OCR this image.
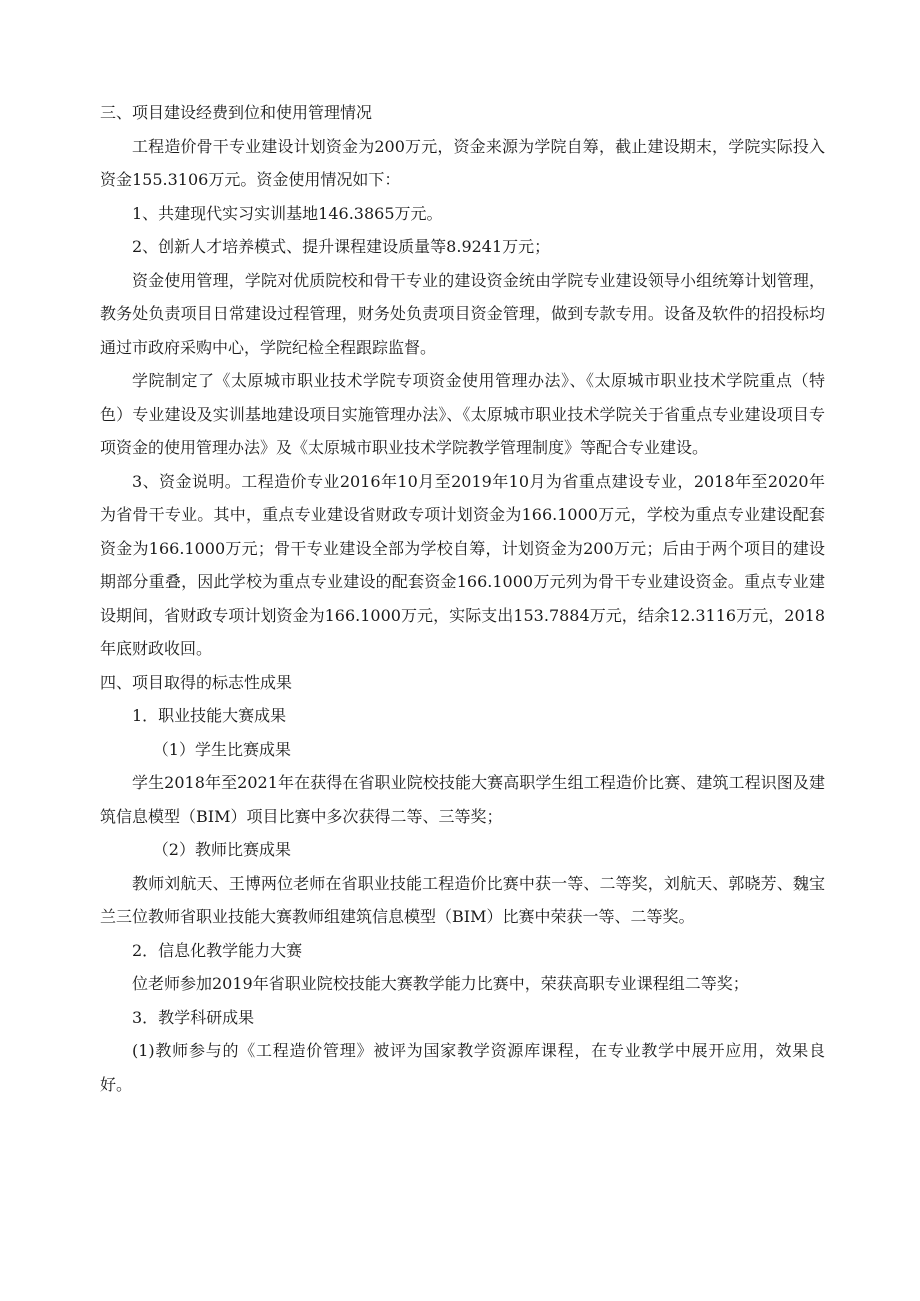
三、项目建设经费到位和使用管理情况

工程造价骨干专业建设计划资金为200万元，资金来源为学院自筹，截止建设期末，学院实际投入资金155.3106万元。资金使用情况如下：

1、共建现代实习实训基地146.3865万元。

2、创新人才培养模式、提升课程建设质量等8.9241万元；

资金使用管理，学院对优质院校和骨干专业的建设资金统由学院专业建设领导小组统筹计划管理，教务处负责项目日常建设过程管理，财务处负责项目资金管理，做到专款专用。设备及软件的招投标均通过市政府采购中心，学院纪检全程跟踪监督。

学院制定了《太原城市职业技术学院专项资金使用管理办法》、《太原城市职业技术学院重点（特色）专业建设及实训基地建设项目实施管理办法》、《太原城市职业技术学院关于省重点专业建设项目专项资金的使用管理办法》及《太原城市职业技术学院教学管理制度》等配合专业建设。

3、资金说明。工程造价专业2016年10月至2019年10月为省重点建设专业，2018年至2020年为省骨干专业。其中，重点专业建设省财政专项计划资金为166.1000万元，学校为重点专业建设配套资金为166.1000万元；骨干专业建设全部为学校自筹，计划资金为200万元；后由于两个项目的建设期部分重叠，因此学校为重点专业建设的配套资金166.1000万元列为骨干专业建设资金。重点专业建设期间，省财政专项计划资金为166.1000万元，实际支出153.7884万元，结余12.3116万元，2018年底财政收回。

四、项目取得的标志性成果

1．职业技能大赛成果

（1）学生比赛成果

学生2018年至2021年在获得在省职业院校技能大赛高职学生组工程造价比赛、建筑工程识图及建筑信息模型（BIM）项目比赛中多次获得二等、三等奖；

（2）教师比赛成果

教师刘航天、王博两位老师在省职业技能工程造价比赛中获一等、二等奖，刘航天、郭晓芳、魏宝兰三位教师省职业技能大赛教师组建筑信息模型（BIM）比赛中荣获一等、二等奖。

2．信息化教学能力大赛

位老师参加2019年省职业院校技能大赛教学能力比赛中，荣获高职专业课程组二等奖；

3．教学科研成果

(1)教师参与的《工程造价管理》被评为国家教学资源库课程，在专业教学中展开应用，效果良好。
